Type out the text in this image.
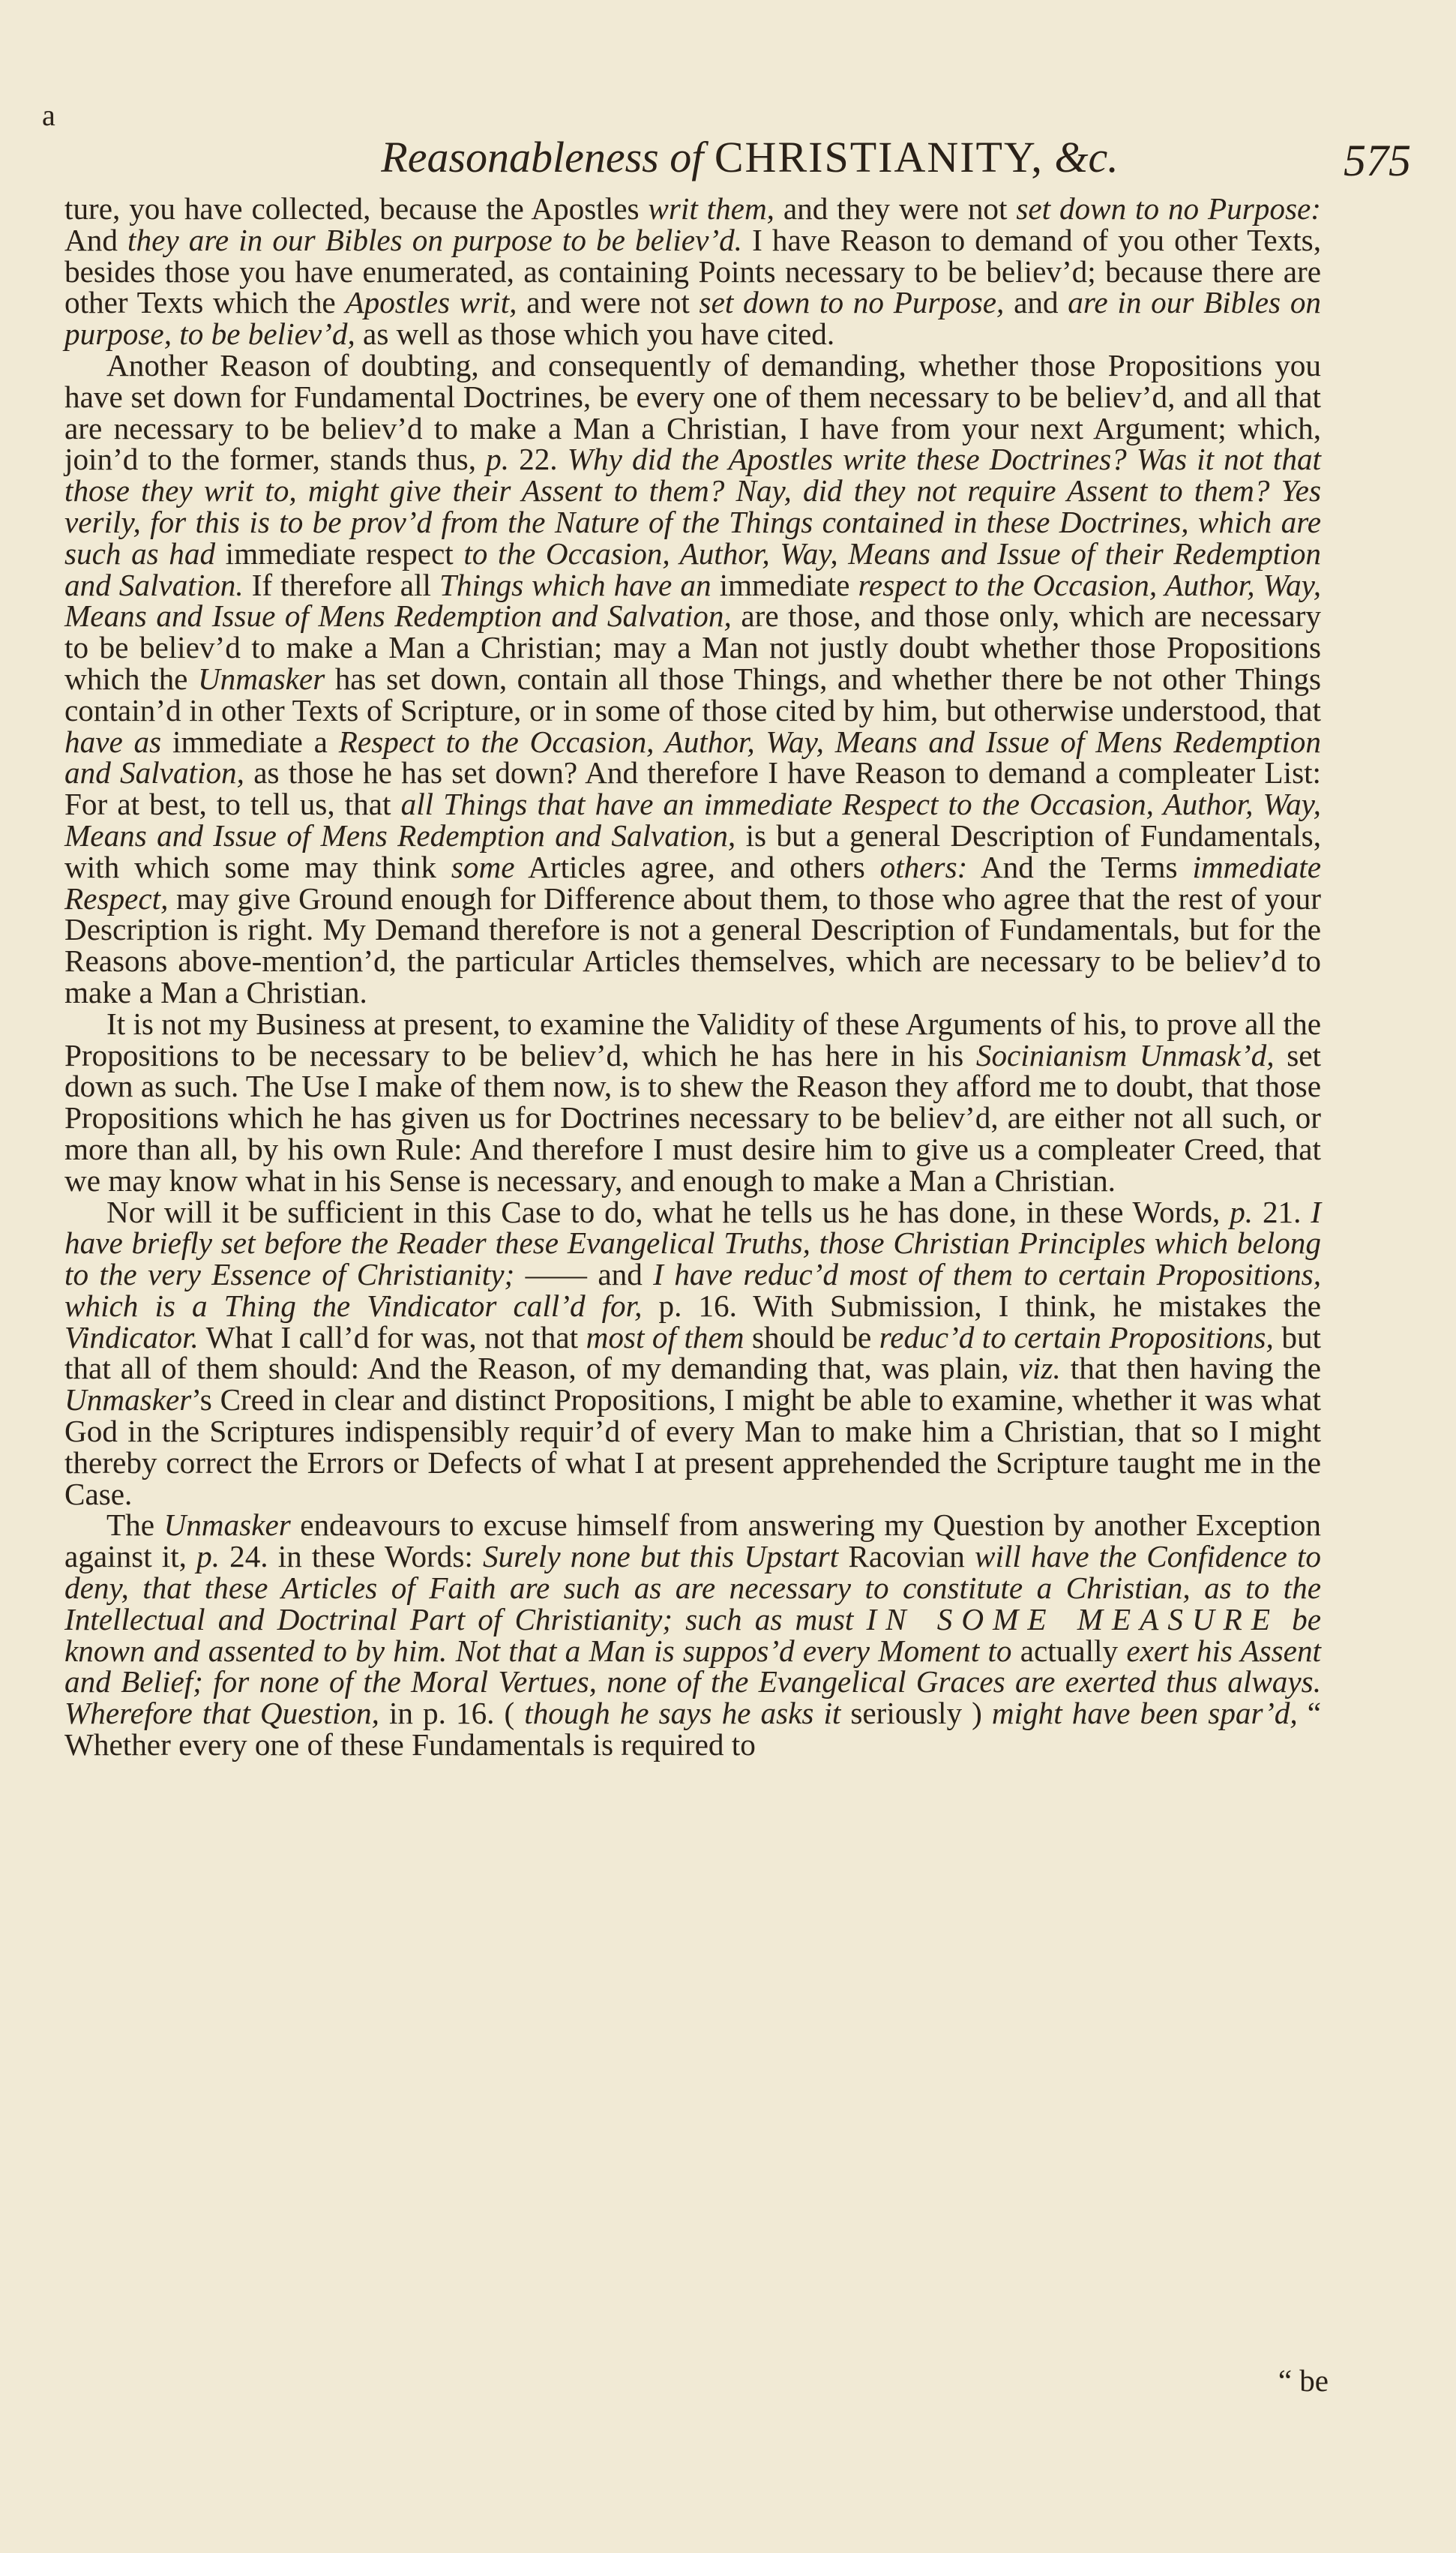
a
Reasonableness of CHRISTIANITY, &c.	575

ture, you have collected, because the Apostles writ them, and they were not set down to no Purpose: And they are in our Bibles on purpose to be believ’d. I have Reason to demand of you other Texts, besides those you have enumerated, as containing Points necessary to be believ’d; because there are other Texts which the Apostles writ, and were not set down to no Purpose, and are in our Bibles on purpose, to be believ’d, as well as those which you have cited.

Another Reason of doubting, and consequently of demanding, whether those Propositions you have set down for Fundamental Doctrines, be every one of them necessary to be believ’d, and all that are necessary to be believ’d to make a Man a Christian, I have from your next Argument; which, join’d to the former, stands thus, p. 22. Why did the Apostles write these Doctrines? Was it not that those they writ to, might give their Assent to them? Nay, did they not require Assent to them? Yes verily, for this is to be prov’d from the Nature of the Things contained in these Doctrines, which are such as had immediate respect to the Occasion, Author, Way, Means and Issue of their Redemption and Salvation. If therefore all Things which have an immediate respect to the Occasion, Author, Way, Means and Issue of Mens Redemption and Salvation, are those, and those only, which are necessary to be believ’d to make a Man a Christian; may a Man not justly doubt whether those Propositions which the Unmasker has set down, contain all those Things, and whether there be not other Things contain’d in other Texts of Scripture, or in some of those cited by him, but otherwise understood, that have as immediate a Respect to the Occasion, Author, Way, Means and Issue of Mens Redemption and Salvation, as those he has set down? And therefore I have Reason to demand a compleater List: For at best, to tell us, that all Things that have an immediate Respect to the Occasion, Author, Way, Means and Issue of Mens Redemption and Salvation, is but a general Description of Fundamentals, with which some may think some Articles agree, and others others: And the Terms immediate Respect, may give Ground enough for Difference about them, to those who agree that the rest of your Description is right. My Demand therefore is not a general Description of Fundamentals, but for the Reasons above-mention’d, the particular Articles themselves, which are necessary to be believ’d to make a Man a Christian.

It is not my Business at present, to examine the Validity of these Arguments of his, to prove all the Propositions to be necessary to be believ’d, which he has here in his Socinianism Unmask’d, set down as such. The Use I make of them now, is to shew the Reason they afford me to doubt, that those Propositions which he has given us for Doctrines necessary to be believ’d, are either not all such, or more than all, by his own Rule: And therefore I must desire him to give us a compleater Creed, that we may know what in his Sense is necessary, and enough to make a Man a Christian.

Nor will it be sufficient in this Case to do, what he tells us he has done, in these Words, p. 21. I have briefly set before the Reader these Evangelical Truths, those Christian Principles which belong to the very Essence of Christianity; —— and I have reduc’d most of them to certain Propositions, which is a Thing the Vindicator call’d for, p. 16. With Submission, I think, he mistakes the Vindicator. What I call’d for was, not that most of them should be reduc’d to certain Propositions, but that all of them should: And the Reason, of my demanding that, was plain, viz. that then having the Unmasker’s Creed in clear and distinct Propositions, I might be able to examine, whether it was what God in the Scriptures indispensibly requir’d of every Man to make him a Christian, that so I might thereby correct the Errors or Defects of what I at present apprehended the Scripture taught me in the Case.

The Unmasker endeavours to excuse himself from answering my Question by another Exception against it, p. 24. in these Words: Surely none but this Upstart Racovian will have the Confidence to deny, that these Articles of Faith are such as are necessary to constitute a Christian, as to the Intellectual and Doctrinal Part of Christianity; such as must IN SOME MEASURE be known and assented to by him. Not that a Man is suppos’d every Moment to actually exert his Assent and Belief; for none of the Moral Vertues, none of the Evangelical Graces are exerted thus always. Wherefore that Question, in p. 16. ( though he says he asks it seriously ) might have been spar’d, “ Whether every one of these Fundamentals is required to

“ be
